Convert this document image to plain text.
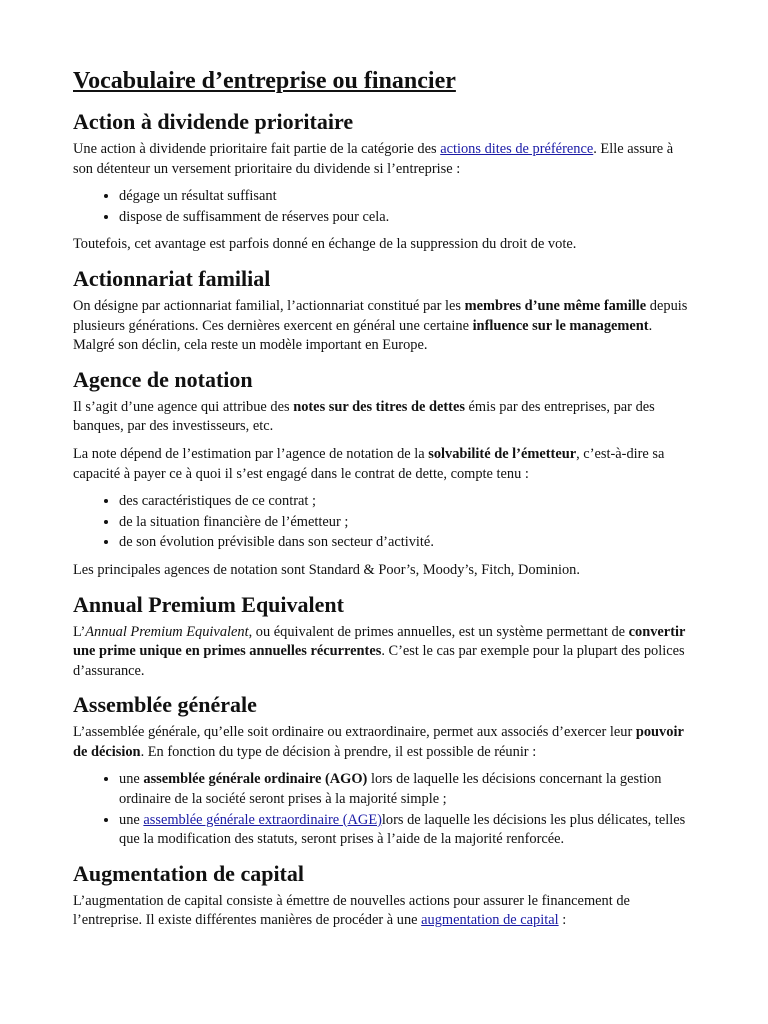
Vocabulaire d’entreprise ou financier
Action à dividende prioritaire

Une action à dividende prioritaire fait partie de la catégorie des actions dites de préférence. Elle assure à son détenteur un versement prioritaire du dividende si l’entreprise :

• dégage un résultat suffisant
• dispose de suffisamment de réserves pour cela.

Toutefois, cet avantage est parfois donné en échange de la suppression du droit de vote.

Actionnariat familial

On désigne par actionnariat familial, l’actionnariat constitué par les membres d’une même famille depuis plusieurs générations. Ces dernières exercent en général une certaine influence sur le management. Malgré son déclin, cela reste un modèle important en Europe.

Agence de notation

Il s’agit d’une agence qui attribue des notes sur des titres de dettes émis par des entreprises, par des banques, par des investisseurs, etc.

La note dépend de l’estimation par l’agence de notation de la solvabilité de l’émetteur, c’est-à-dire sa capacité à payer ce à quoi il s’est engagé dans le contrat de dette, compte tenu :

• des caractéristiques de ce contrat ;
• de la situation financière de l’émetteur ;
• de son évolution prévisible dans son secteur d’activité.

Les principales agences de notation sont Standard & Poor’s, Moody’s, Fitch, Dominion.

Annual Premium Equivalent

L’Annual Premium Equivalent, ou équivalent de primes annuelles, est un système permettant de convertir une prime unique en primes annuelles récurrentes. C’est le cas par exemple pour la plupart des polices d’assurance.

Assemblée générale

L’assemblée générale, qu’elle soit ordinaire ou extraordinaire, permet aux associés d’exercer leur pouvoir de décision. En fonction du type de décision à prendre, il est possible de réunir :

• une assemblée générale ordinaire (AGO) lors de laquelle les décisions concernant la gestion ordinaire de la société seront prises à la majorité simple ;
• une assemblée générale extraordinaire (AGE)lors de laquelle les décisions les plus délicates, telles que la modification des statuts, seront prises à l’aide de la majorité renforcée.
Augmentation de capital

L’augmentation de capital consiste à émettre de nouvelles actions pour assurer le financement de l’entreprise. Il existe différentes manières de procéder à une augmentation de capital :
